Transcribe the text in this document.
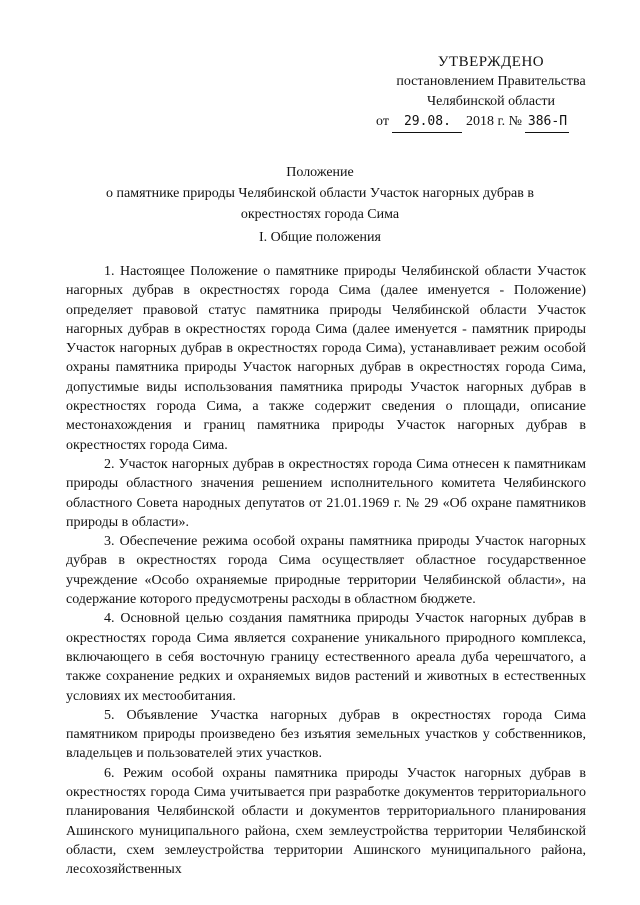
УТВЕРЖДЕНО
постановлением Правительства
Челябинской области
от 29.08. 2018 г. № 386-П
Положение
о памятнике природы Челябинской области Участок нагорных дубрав в
окрестностях города Сима
I. Общие положения

1. Настоящее Положение о памятнике природы Челябинской области Участок нагорных дубрав в окрестностях города Сима (далее именуется - Положение) определяет правовой статус памятника природы Челябинской области Участок нагорных дубрав в окрестностях города Сима (далее именуется - памятник природы Участок нагорных дубрав в окрестностях города Сима), устанавливает режим особой охраны памятника природы Участок нагорных дубрав в окрестностях города Сима, допустимые виды использования памятника природы Участок нагорных дубрав в окрестностях города Сима, а также содержит сведения о площади, описание местонахождения и границ памятника природы Участок нагорных дубрав в окрестностях города Сима.

2. Участок нагорных дубрав в окрестностях города Сима отнесен к памятникам природы областного значения решением исполнительного комитета Челябинского областного Совета народных депутатов от 21.01.1969 г. № 29 «Об охране памятников природы в области».

3. Обеспечение режима особой охраны памятника природы Участок нагорных дубрав в окрестностях города Сима осуществляет областное государственное учреждение «Особо охраняемые природные территории Челябинской области», на содержание которого предусмотрены расходы в областном бюджете.

4. Основной целью создания памятника природы Участок нагорных дубрав в окрестностях города Сима является сохранение уникального природного комплекса, включающего в себя восточную границу естественного ареала дуба черешчатого, а также сохранение редких и охраняемых видов растений и животных в естественных условиях их местообитания.

5. Объявление Участка нагорных дубрав в окрестностях города Сима памятником природы произведено без изъятия земельных участков у собственников, владельцев и пользователей этих участков.

6. Режим особой охраны памятника природы Участок нагорных дубрав в окрестностях города Сима учитывается при разработке документов территориального планирования Челябинской области и документов территориального планирования Ашинского муниципального района, схем землеустройства территории Челябинской области, схем землеустройства территории Ашинского муниципального района, лесохозяйственных
